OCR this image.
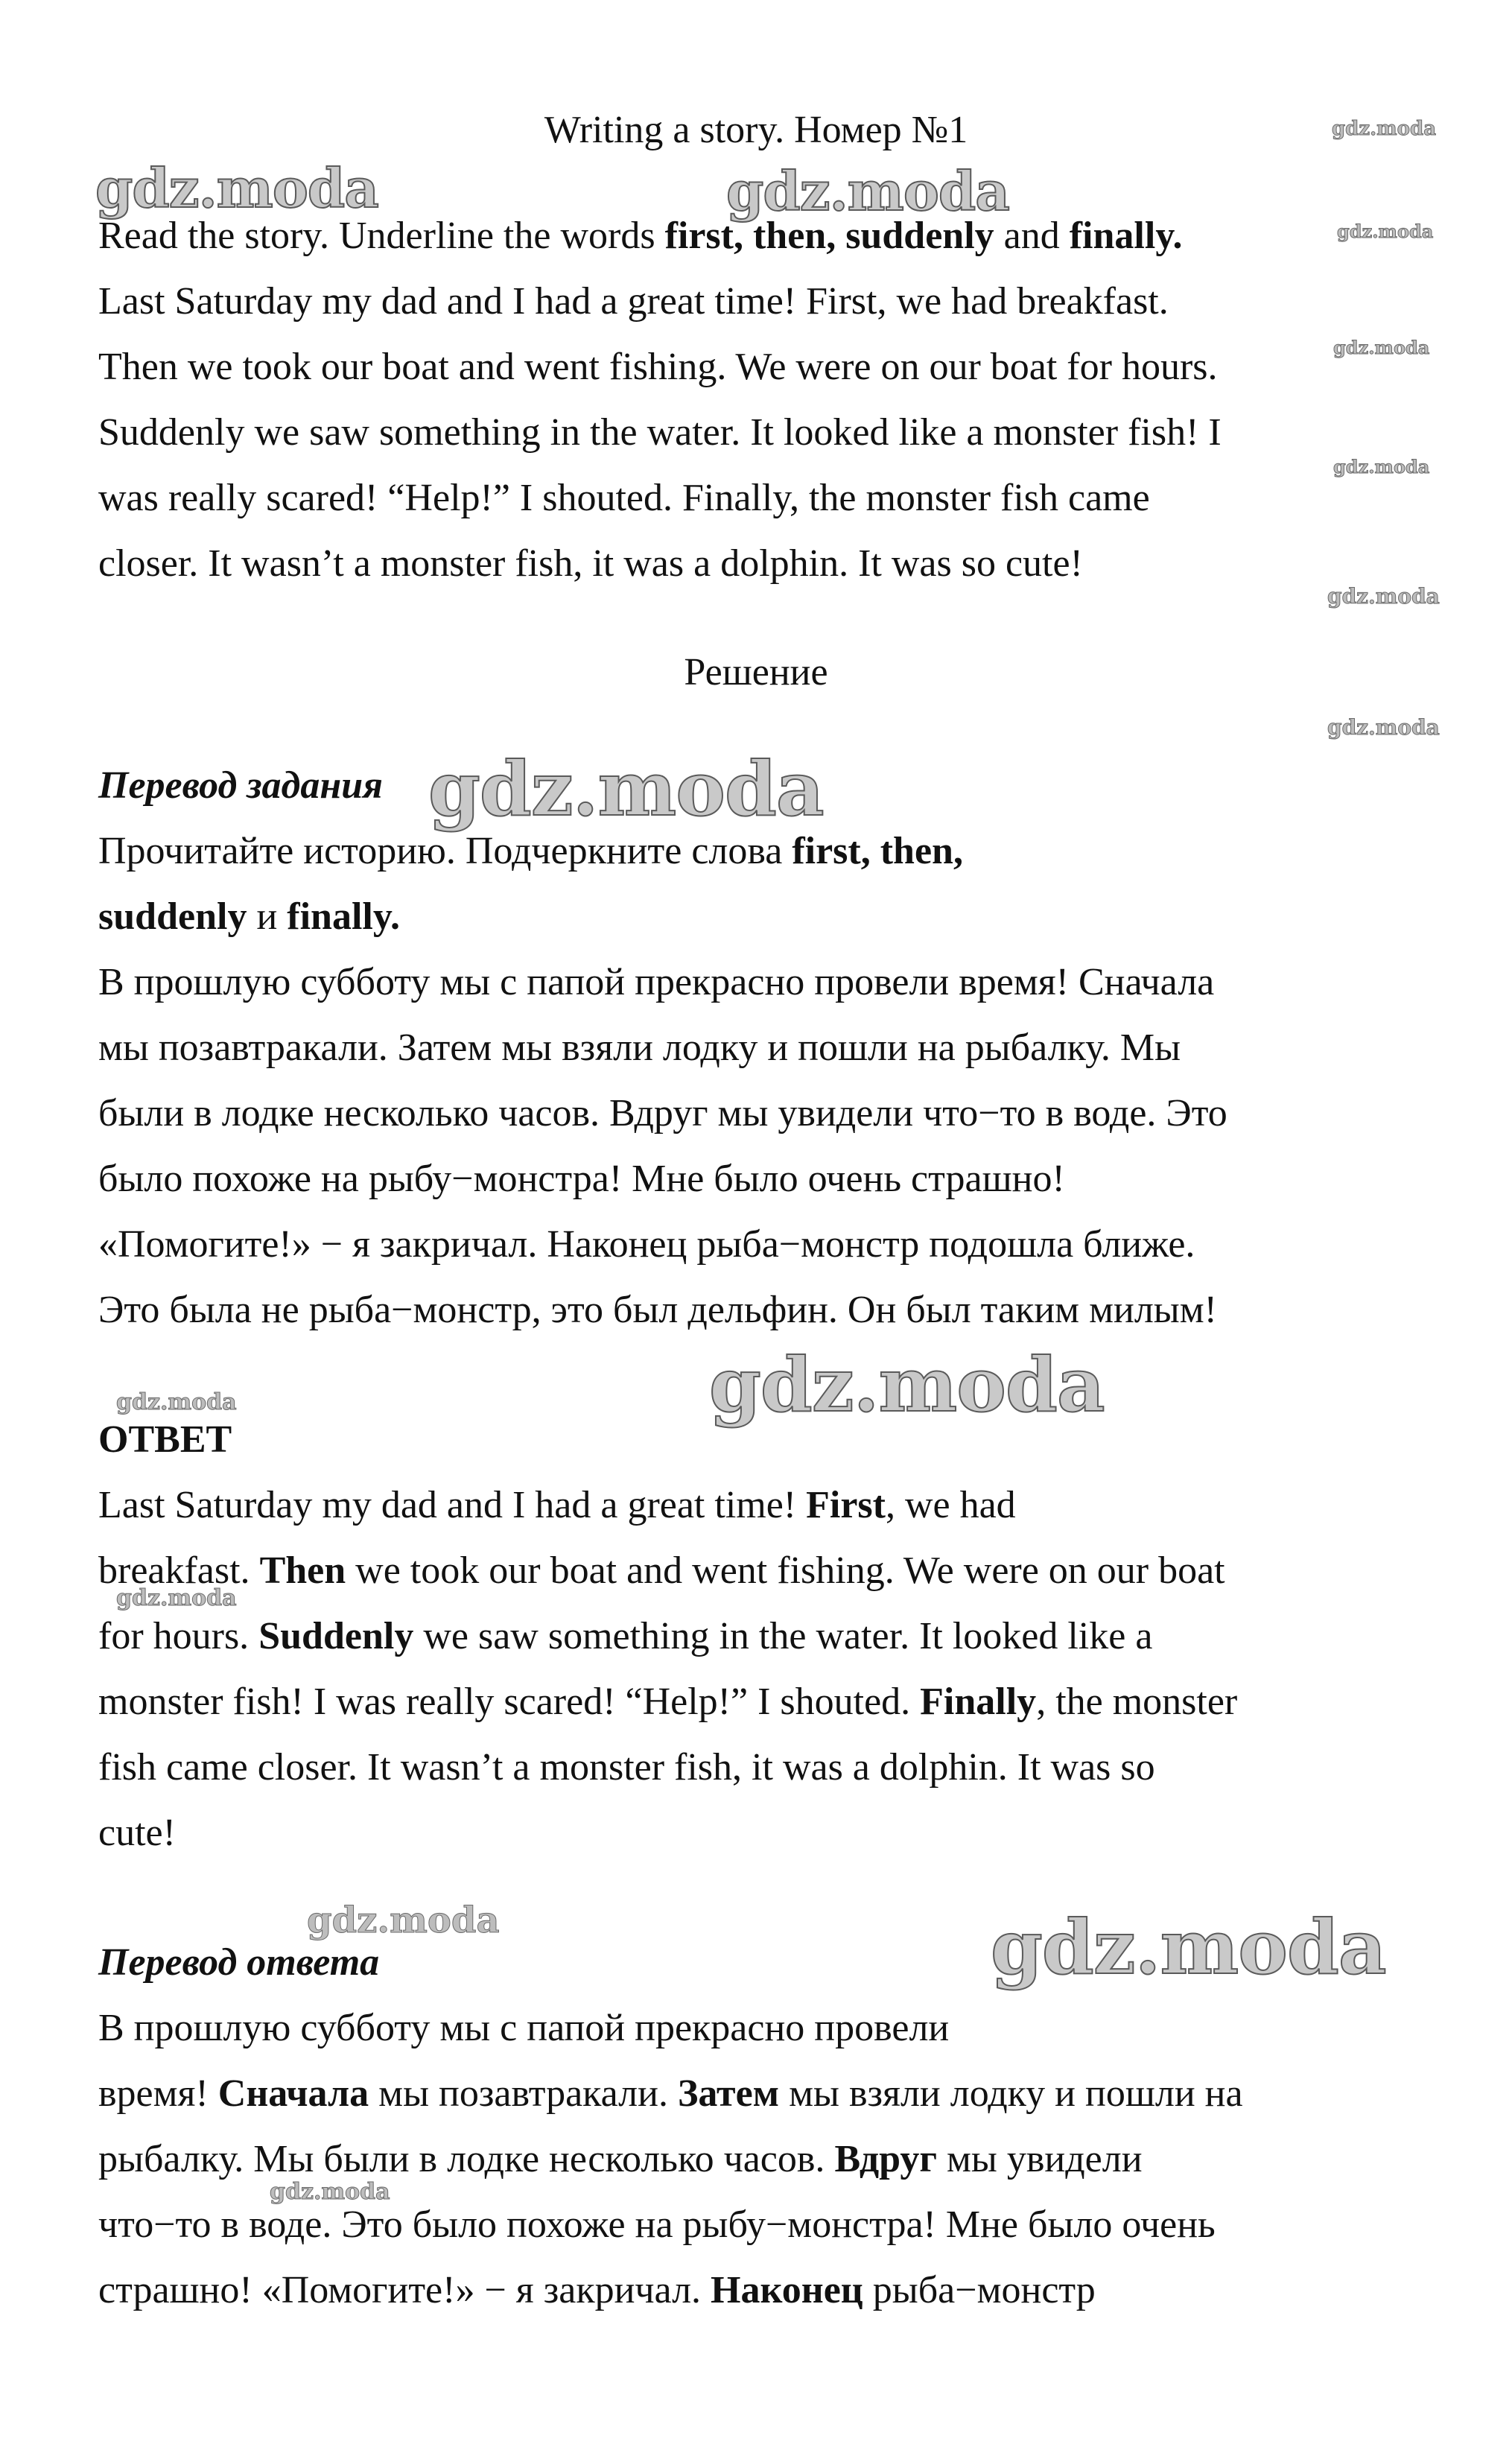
gdz.moda
gdz.moda	gdz.moda
gdz.moda
gdz.moda
gdz.moda
gdz.moda
gdz.moda
gdz.moda
gdz.moda
gdz.moda
gdz.moda
gdz.moda	gdz.moda
gdz.moda
Writing a story. Номер №1
Read the story. Underline the words first, then, suddenly and finally.
Last Saturday my dad and I had a great time! First, we had breakfast.
Then we took our boat and went fishing. We were on our boat for hours.
Suddenly we saw something in the water. It looked like a monster fish! I
was really scared! “Help!” I shouted. Finally, the monster fish came
closer. It wasn’t a monster fish, it was a dolphin. It was so cute!
Решение
Перевод задания
Прочитайте историю. Подчеркните слова first, then,
suddenly и finally.
В прошлую субботу мы с папой прекрасно провели время! Сначала
мы позавтракали. Затем мы взяли лодку и пошли на рыбалку. Мы
были в лодке несколько часов. Вдруг мы увидели что−то в воде. Это
было похоже на рыбу−монстра! Мне было очень страшно!
«Помогите!» − я закричал. Наконец рыба−монстр подошла ближе.
Это была не рыба−монстр, это был дельфин. Он был таким милым!
ОТВЕТ
Last Saturday my dad and I had a great time! First, we had
breakfast. Then we took our boat and went fishing. We were on our boat
for hours. Suddenly we saw something in the water. It looked like a
monster fish! I was really scared! “Help!” I shouted. Finally, the monster
fish came closer. It wasn’t a monster fish, it was a dolphin. It was so
cute!
Перевод ответа
В прошлую субботу мы с папой прекрасно провели
время! Сначала мы позавтракали. Затем мы взяли лодку и пошли на
рыбалку. Мы были в лодке несколько часов. Вдруг мы увидели
что−то в воде. Это было похоже на рыбу−монстра! Мне было очень
страшно! «Помогите!» − я закричал. Наконец рыба−монстр
